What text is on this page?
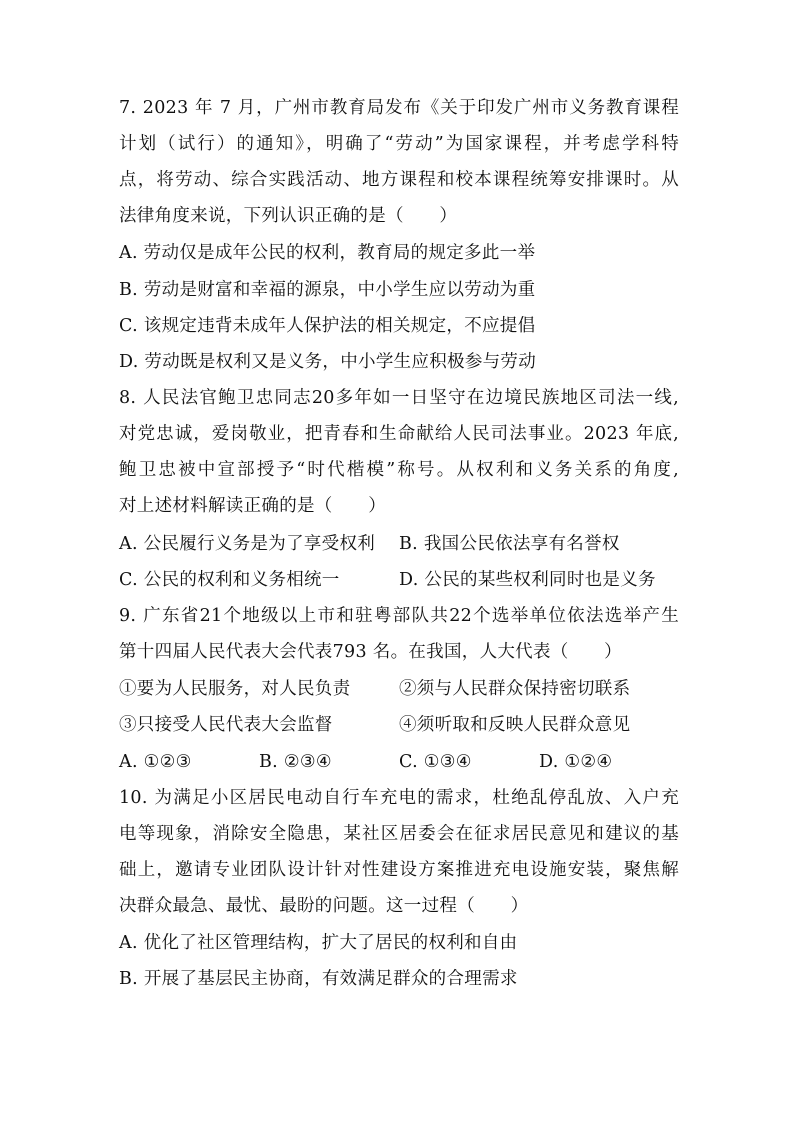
7. 2023 年 7 月，广州市教育局发布《关于印发广州市义务教育课程
计划（试行）的通知》，明确了“劳动”为国家课程，并考虑学科特
点，将劳动、综合实践活动、地方课程和校本课程统筹安排课时。从
法律角度来说，下列认识正确的是（　　）
A. 劳动仅是成年公民的权利，教育局的规定多此一举
B. 劳动是财富和幸福的源泉，中小学生应以劳动为重
C. 该规定违背未成年人保护法的相关规定，不应提倡
D. 劳动既是权利又是义务，中小学生应积极参与劳动
8. 人民法官鲍卫忠同志20多年如一日坚守在边境民族地区司法一线,
对党忠诚，爱岗敬业，把青春和生命献给人民司法事业。2023 年底,
鲍卫忠被中宣部授予“时代楷模”称号。从权利和义务关系的角度,
对上述材料解读正确的是（　　）
A. 公民履行义务是为了享受权利 B. 我国公民依法享有名誉权
C. 公民的权利和义务相统一	D. 公民的某些权利同时也是义务
9. 广东省21个地级以上市和驻粤部队共22个选举单位依法选举产生
第十四届人民代表大会代表793 名。在我国，人大代表（　　）
①要为人民服务，对人民负责	②须与人民群众保持密切联系
③只接受人民代表大会监督	④须听取和反映人民群众意见
A. ①②③	B. ②③④	C. ①③④	D. ①②④
10. 为满足小区居民电动自行车充电的需求，杜绝乱停乱放、入户充
电等现象，消除安全隐患，某社区居委会在征求居民意见和建议的基
础上，邀请专业团队设计针对性建设方案推进充电设施安装，聚焦解
决群众最急、最忧、最盼的问题。这一过程（　　）
A. 优化了社区管理结构，扩大了居民的权利和自由
B. 开展了基层民主协商，有效满足群众的合理需求
